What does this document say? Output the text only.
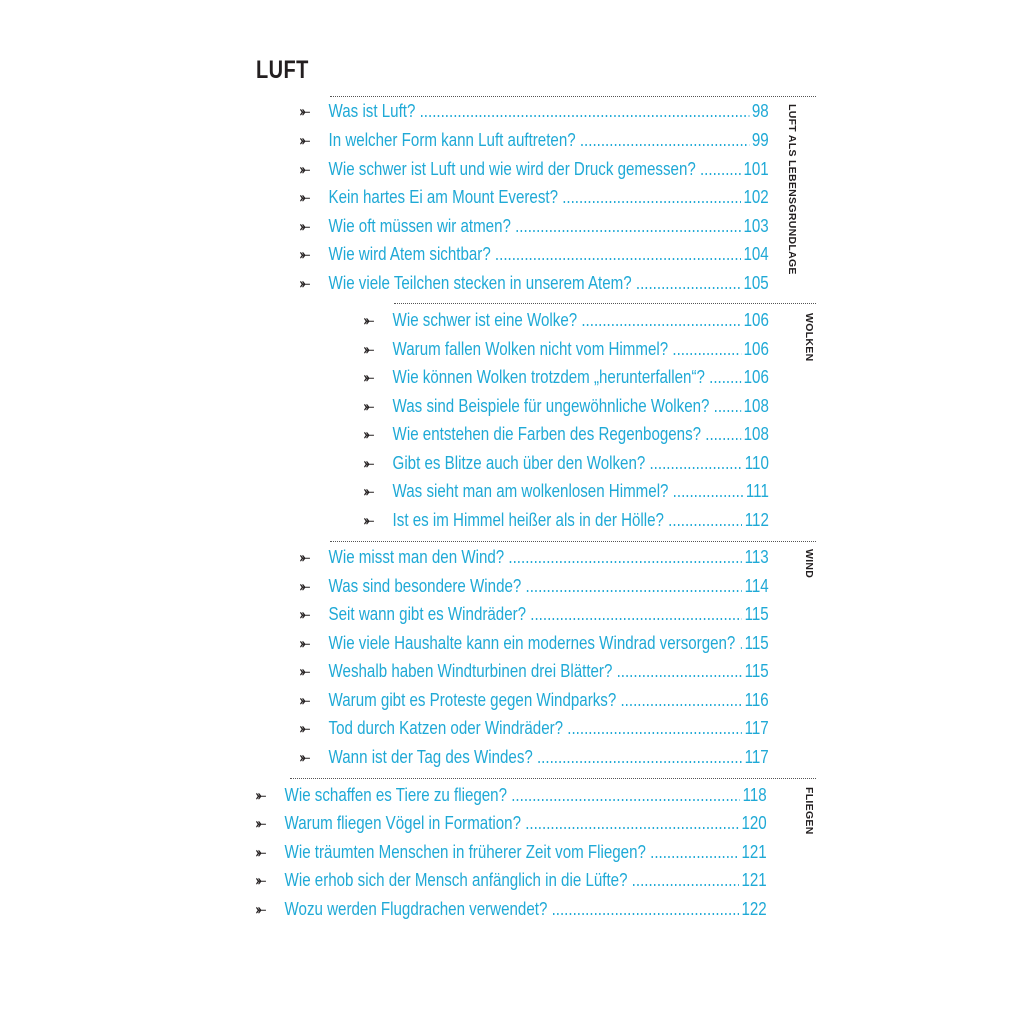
LUFT
LUFT ALS LEBENSGRUNDLAGE
⤜	Was ist Luft? .....	98
⤜	In welcher Form kann Luft auftreten? .....	99
⤜	Wie schwer ist Luft und wie wird der Druck gemessen? .....	101
⤜	Kein hartes Ei am Mount Everest? .....	102
⤜	Wie oft müssen wir atmen? .....	103
⤜	Wie wird Atem sichtbar? .....	104
⤜	Wie viele Teilchen stecken in unserem Atem? .....	105
WOLKEN
⤜	Wie schwer ist eine Wolke? .....	106
⤜	Warum fallen Wolken nicht vom Himmel? .....	106
⤜	Wie können Wolken trotzdem „herunterfallen“? .....	106
⤜	Was sind Beispiele für ungewöhnliche Wolken? .....	108
⤜	Wie entstehen die Farben des Regenbogens? .....	108
⤜	Gibt es Blitze auch über den Wolken? .....	110
⤜	Was sieht man am wolkenlosen Himmel? .....	111
⤜	Ist es im Himmel heißer als in der Hölle? .....	112
WIND
⤜	Wie misst man den Wind? .....	113
⤜	Was sind besondere Winde? .....	114
⤜	Seit wann gibt es Windräder? .....	115
⤜	Wie viele Haushalte kann ein modernes Windrad versorgen? ..... 115
⤜	Weshalb haben Windturbinen drei Blätter? .....	115
⤜	Warum gibt es Proteste gegen Windparks? .....	116
⤜	Tod durch Katzen oder Windräder? .....	117
⤜	Wann ist der Tag des Windes? .....	117
FLIEGEN
⤜	Wie schaffen es Tiere zu fliegen? .....	118
⤜	Warum fliegen Vögel in Formation? .....	120
⤜	Wie träumten Menschen in früherer Zeit vom Fliegen? .....	121
⤜	Wie erhob sich der Mensch anfänglich in die Lüfte? .....	121
⤜	Wozu werden Flugdrachen verwendet? .....	122
